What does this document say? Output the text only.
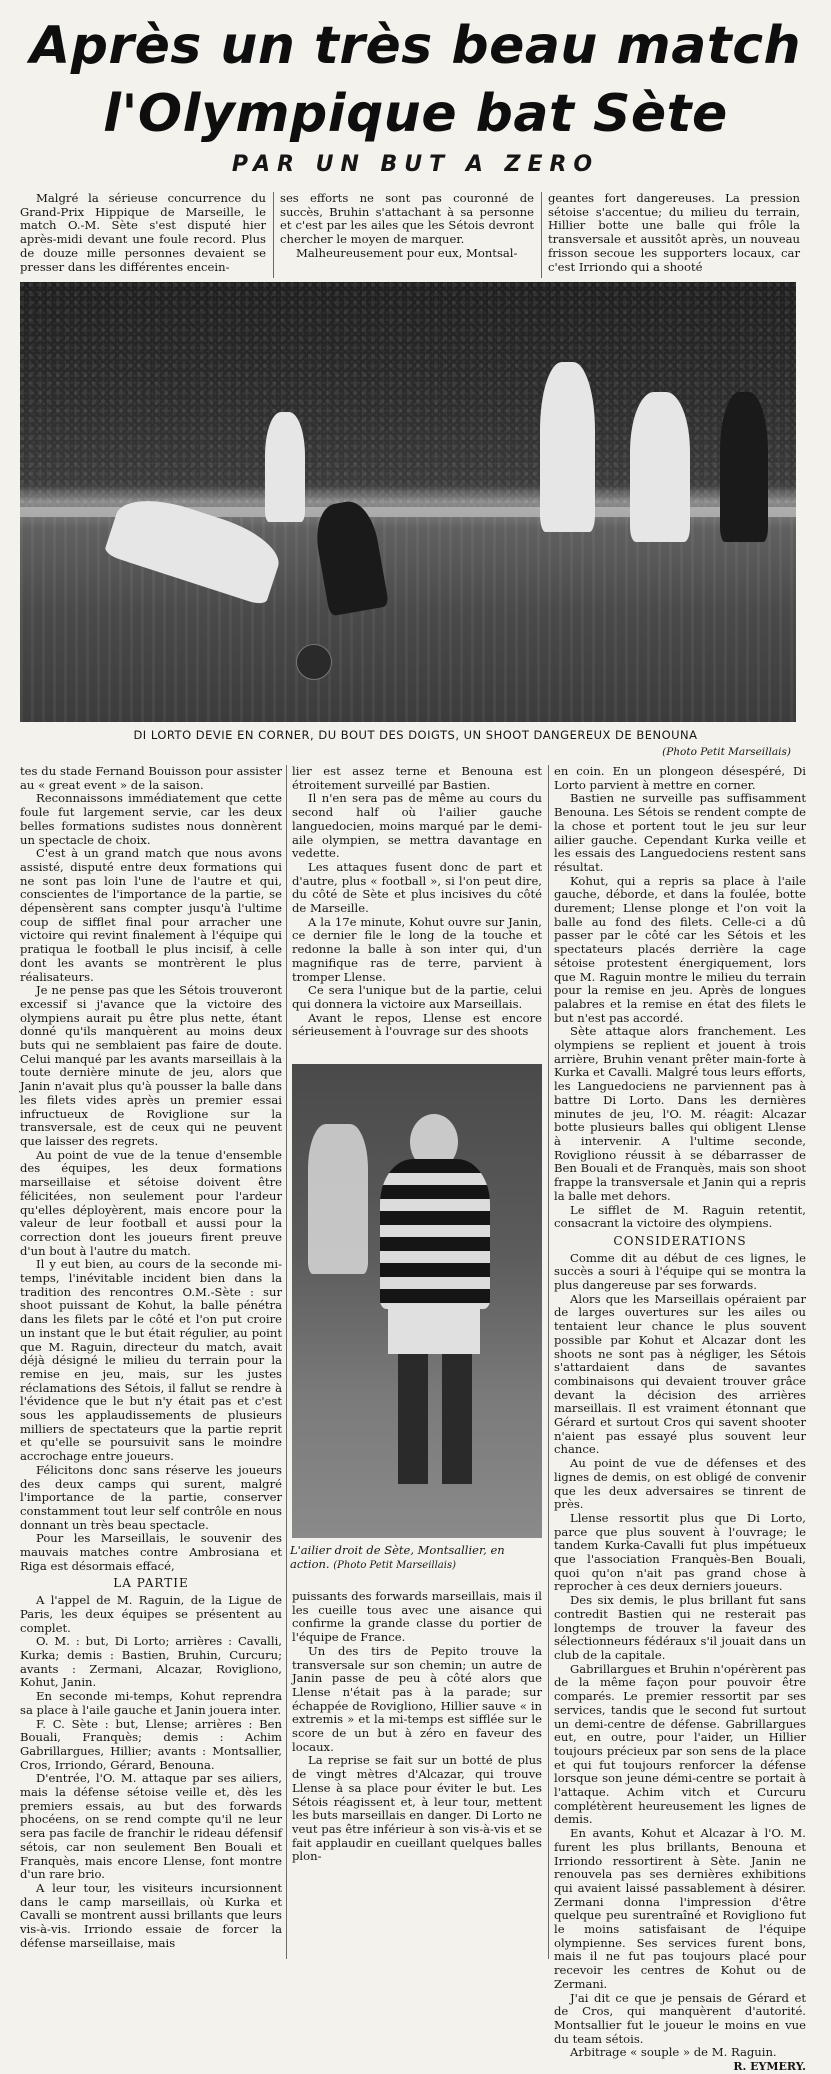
Après un très beau match
l'Olympique bat Sète
PAR UN BUT A ZERO

Malgré la sérieuse concurrence du Grand-Prix Hippique de Marseille, le match O.-M. Sète s'est disputé hier après-midi devant une foule record. Plus de douze mille personnes devaient se presser dans les différentes encein-

ses efforts ne sont pas couronné de succès, Bruhin s'attachant à sa personne et c'est par les ailes que les Sétois devront chercher le moyen de marquer.

Malheureusement pour eux, Montsal-

geantes fort dangereuses. La pression sétoise s'accentue; du milieu du terrain, Hillier botte une balle qui frôle la transversale et aussitôt après, un nouveau frisson secoue les supporters locaux, car c'est Irriondo qui a shooté

DI LORTO DEVIE EN CORNER, DU BOUT DES DOIGTS, UN SHOOT DANGEREUX DE BENOUNA

(Photo Petit Marseillais)

tes du stade Fernand Bouisson pour assister au « great event » de la saison.

Reconnaissons immédiatement que cette foule fut largement servie, car les deux belles formations sudistes nous donnèrent un spectacle de choix.

C'est à un grand match que nous avons assisté, disputé entre deux formations qui ne sont pas loin l'une de l'autre et qui, conscientes de l'importance de la partie, se dépensèrent sans compter jusqu'à l'ultime coup de sifflet final pour arracher une victoire qui revint finalement à l'équipe qui pratiqua le football le plus incisif, à celle dont les avants se montrèrent le plus réalisateurs.

Je ne pense pas que les Sétois trouveront excessif si j'avance que la victoire des olympiens aurait pu être plus nette, étant donné qu'ils manquèrent au moins deux buts qui ne semblaient pas faire de doute. Celui manqué par les avants marseillais à la toute dernière minute de jeu, alors que Janin n'avait plus qu'à pousser la balle dans les filets vides après un premier essai infructueux de Roviglione sur la transversale, est de ceux qui ne peuvent que laisser des regrets.

Au point de vue de la tenue d'ensemble des équipes, les deux formations marseillaise et sétoise doivent être félicitées, non seulement pour l'ardeur qu'elles déployèrent, mais encore pour la valeur de leur football et aussi pour la correction dont les joueurs firent preuve d'un bout à l'autre du match.

Il y eut bien, au cours de la seconde mi-temps, l'inévitable incident bien dans la tradition des rencontres O.M.-Sète : sur shoot puissant de Kohut, la balle pénétra dans les filets par le côté et l'on put croire un instant que le but était régulier, au point que M. Raguin, directeur du match, avait déjà désigné le milieu du terrain pour la remise en jeu, mais, sur les justes réclamations des Sétois, il fallut se rendre à l'évidence que le but n'y était pas et c'est sous les applaudissements de plusieurs milliers de spectateurs que la partie reprit et qu'elle se poursuivit sans le moindre accrochage entre joueurs.

Félicitons donc sans réserve les joueurs des deux camps qui surent, malgré l'importance de la partie, conserver constamment tout leur self contrôle en nous donnant un très beau spectacle.

Pour les Marseillais, le souvenir des mauvais matches contre Ambrosiana et Riga est désormais effacé,

LA PARTIE

A l'appel de M. Raguin, de la Ligue de Paris, les deux équipes se présentent au complet.

O. M. : but, Di Lorto; arrières : Cavalli, Kurka; demis : Bastien, Bruhin, Curcuru; avants : Zermani, Alcazar, Rovigliono, Kohut, Janin.

En seconde mi-temps, Kohut reprendra sa place à l'aile gauche et Janin jouera inter.

F. C. Sète : but, Llense; arrières : Ben Bouali, Franquès; demis : Achim Gabrillargues, Hillier; avants : Montsallier, Cros, Irriondo, Gérard, Benouna.

D'entrée, l'O. M. attaque par ses ailiers, mais la défense sétoise veille et, dès les premiers essais, au but des forwards phocéens, on se rend compte qu'il ne leur sera pas facile de franchir le rideau défensif sétois, car non seulement Ben Bouali et Franquès, mais encore Llense, font montre d'un rare brio.

A leur tour, les visiteurs incursionnent dans le camp marseillais, où Kurka et Cavalli se montrent aussi brillants que leurs vis-à-vis. Irriondo essaie de forcer la défense marseillaise, mais

lier est assez terne et Benouna est étroitement surveillé par Bastien.

Il n'en sera pas de même au cours du second half où l'ailier gauche languedocien, moins marqué par le demi-aile olympien, se mettra davantage en vedette.

Les attaques fusent donc de part et d'autre, plus « football », si l'on peut dire, du côté de Sète et plus incisives du côté de Marseille.

A la 17e minute, Kohut ouvre sur Janin, ce dernier file le long de la touche et redonne la balle à son inter qui, d'un magnifique ras de terre, parvient à tromper Llense.

Ce sera l'unique but de la partie, celui qui donnera la victoire aux Marseillais.

Avant le repos, Llense est encore sérieusement à l'ouvrage sur des shoots

L'ailier droit de Sète, Montsallier, en action. (Photo Petit Marseillais)

puissants des forwards marseillais, mais il les cueille tous avec une aisance qui confirme la grande classe du portier de l'équipe de France.

Un des tirs de Pepito trouve la transversale sur son chemin; un autre de Janin passe de peu à côté alors que Llense n'était pas à la parade; sur échappée de Rovigliono, Hillier sauve « in extremis » et la mi-temps est sifflée sur le score de un but à zéro en faveur des locaux.

La reprise se fait sur un botté de plus de vingt mètres d'Alcazar, qui trouve Llense à sa place pour éviter le but. Les Sétois réagissent et, à leur tour, mettent les buts marseillais en danger. Di Lorto ne veut pas être inférieur à son vis-à-vis et se fait applaudir en cueillant quelques balles plon-

en coin. En un plongeon désespéré, Di Lorto parvient à mettre en corner.

Bastien ne surveille pas suffisamment Benouna. Les Sétois se rendent compte de la chose et portent tout le jeu sur leur ailier gauche. Cependant Kurka veille et les essais des Languedociens restent sans résultat.

Kohut, qui a repris sa place à l'aile gauche, déborde, et dans la foulée, botte durement; Llense plonge et l'on voit la balle au fond des filets. Celle-ci a dû passer par le côté car les Sétois et les spectateurs placés derrière la cage sétoise protestent énergiquement, lors que M. Raguin montre le milieu du terrain pour la remise en jeu. Après de longues palabres et la remise en état des filets le but n'est pas accordé.

Sète attaque alors franchement. Les olympiens se replient et jouent à trois arrière, Bruhin venant prêter main-forte à Kurka et Cavalli. Malgré tous leurs efforts, les Languedociens ne parviennent pas à battre Di Lorto. Dans les dernières minutes de jeu, l'O. M. réagit: Alcazar botte plusieurs balles qui obligent Llense à intervenir. A l'ultime seconde, Rovigliono réussit à se débarrasser de Ben Bouali et de Franquès, mais son shoot frappe la transversale et Janin qui a repris la balle met dehors.

Le sifflet de M. Raguin retentit, consacrant la victoire des olympiens.

CONSIDERATIONS

Comme dit au début de ces lignes, le succès a souri à l'équipe qui se montra la plus dangereuse par ses forwards.

Alors que les Marseillais opéraient par de larges ouvertures sur les ailes ou tentaient leur chance le plus souvent possible par Kohut et Alcazar dont les shoots ne sont pas à négliger, les Sétois s'attardaient dans de savantes combinaisons qui devaient trouver grâce devant la décision des arrières marseillais. Il est vraiment étonnant que Gérard et surtout Cros qui savent shooter n'aient pas essayé plus souvent leur chance.

Au point de vue de défenses et des lignes de demis, on est obligé de convenir que les deux adversaires se tinrent de près.

Llense ressortit plus que Di Lorto, parce que plus souvent à l'ouvrage; le tandem Kurka-Cavalli fut plus impétueux que l'association Franquès-Ben Bouali, quoi qu'on n'ait pas grand chose à reprocher à ces deux derniers joueurs.

Des six demis, le plus brillant fut sans contredit Bastien qui ne resterait pas longtemps de trouver la faveur des sélectionneurs fédéraux s'il jouait dans un club de la capitale.

Gabrillargues et Bruhin n'opérèrent pas de la même façon pour pouvoir être comparés. Le premier ressortit par ses services, tandis que le second fut surtout un demi-centre de défense. Gabrillargues eut, en outre, pour l'aider, un Hillier toujours précieux par son sens de la place et qui fut toujours renforcer la défense lorsque son jeune démi-centre se portait à l'attaque. Achim vitch et Curcuru complétèrent heureusement les lignes de demis.

En avants, Kohut et Alcazar à l'O. M. furent les plus brillants, Benouna et Irriondo ressortirent à Sète. Janin ne renouvela pas ses dernières exhibitions qui avaient laissé passablement à désirer. Zermani donna l'impression d'être quelque peu surentraîné et Rovigliono fut le moins satisfaisant de l'équipe olympienne. Ses services furent bons, mais il ne fut pas toujours placé pour recevoir les centres de Kohut ou de Zermani.

J'ai dit ce que je pensais de Gérard et de Cros, qui manquèrent d'autorité. Montsallier fut le joueur le moins en vue du team sétois.

Arbitrage « souple » de M. Raguin.

R. EYMERY.
